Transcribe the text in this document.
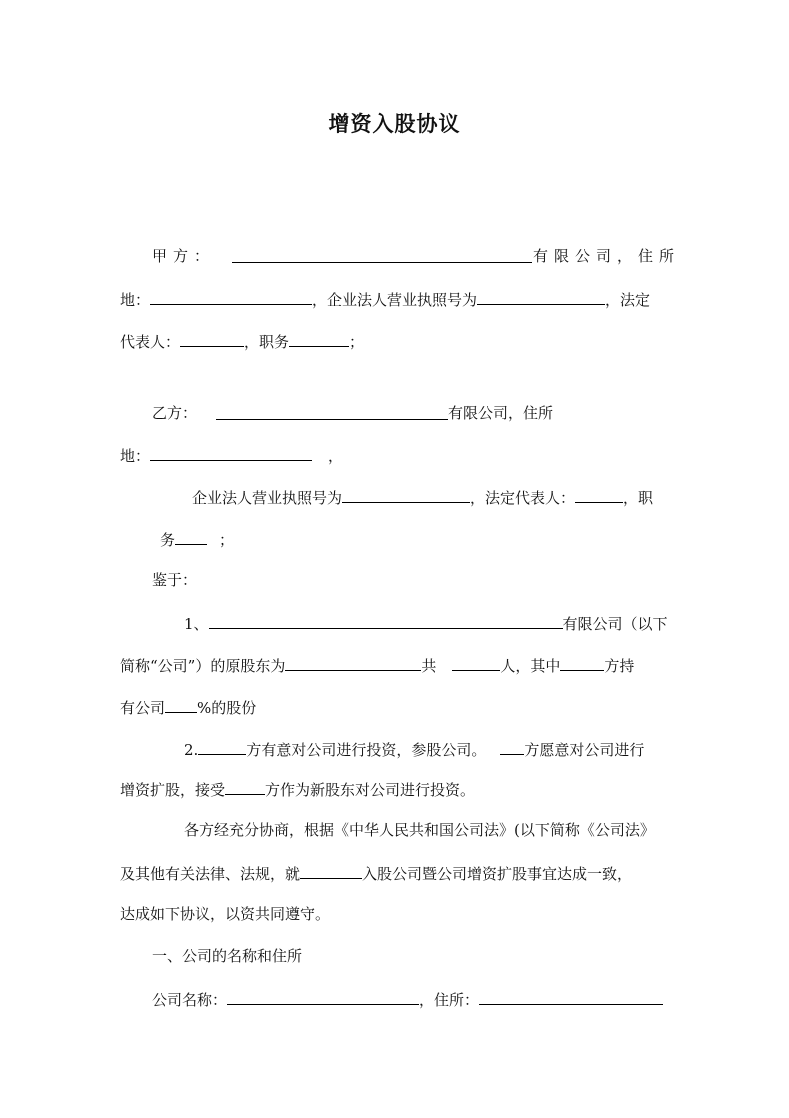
增资入股协议
甲方：	有限公司，住所
地：	，企业法人营业执照号为	，法定
代表人：	，职务	；
乙方：	有限公司，住所
地：	，
企业法人营业执照号为	，法定代表人：	，职
务	；
鉴于：
1、	有限公司（以下
简称“公司”）的原股东为	共	人，其中	方持
有公司 %的股份
2.	方有意对公司进行投资，参股公司。	方愿意对公司进行
增资扩股，接受	方作为新股东对公司进行投资。
各方经充分协商，根据《中华人民共和国公司法》(以下简称《公司法》
及其他有关法律、法规，就	入股公司暨公司增资扩股事宜达成一致，
达成如下协议，以资共同遵守。
一、公司的名称和住所
公司名称：	，住所：
